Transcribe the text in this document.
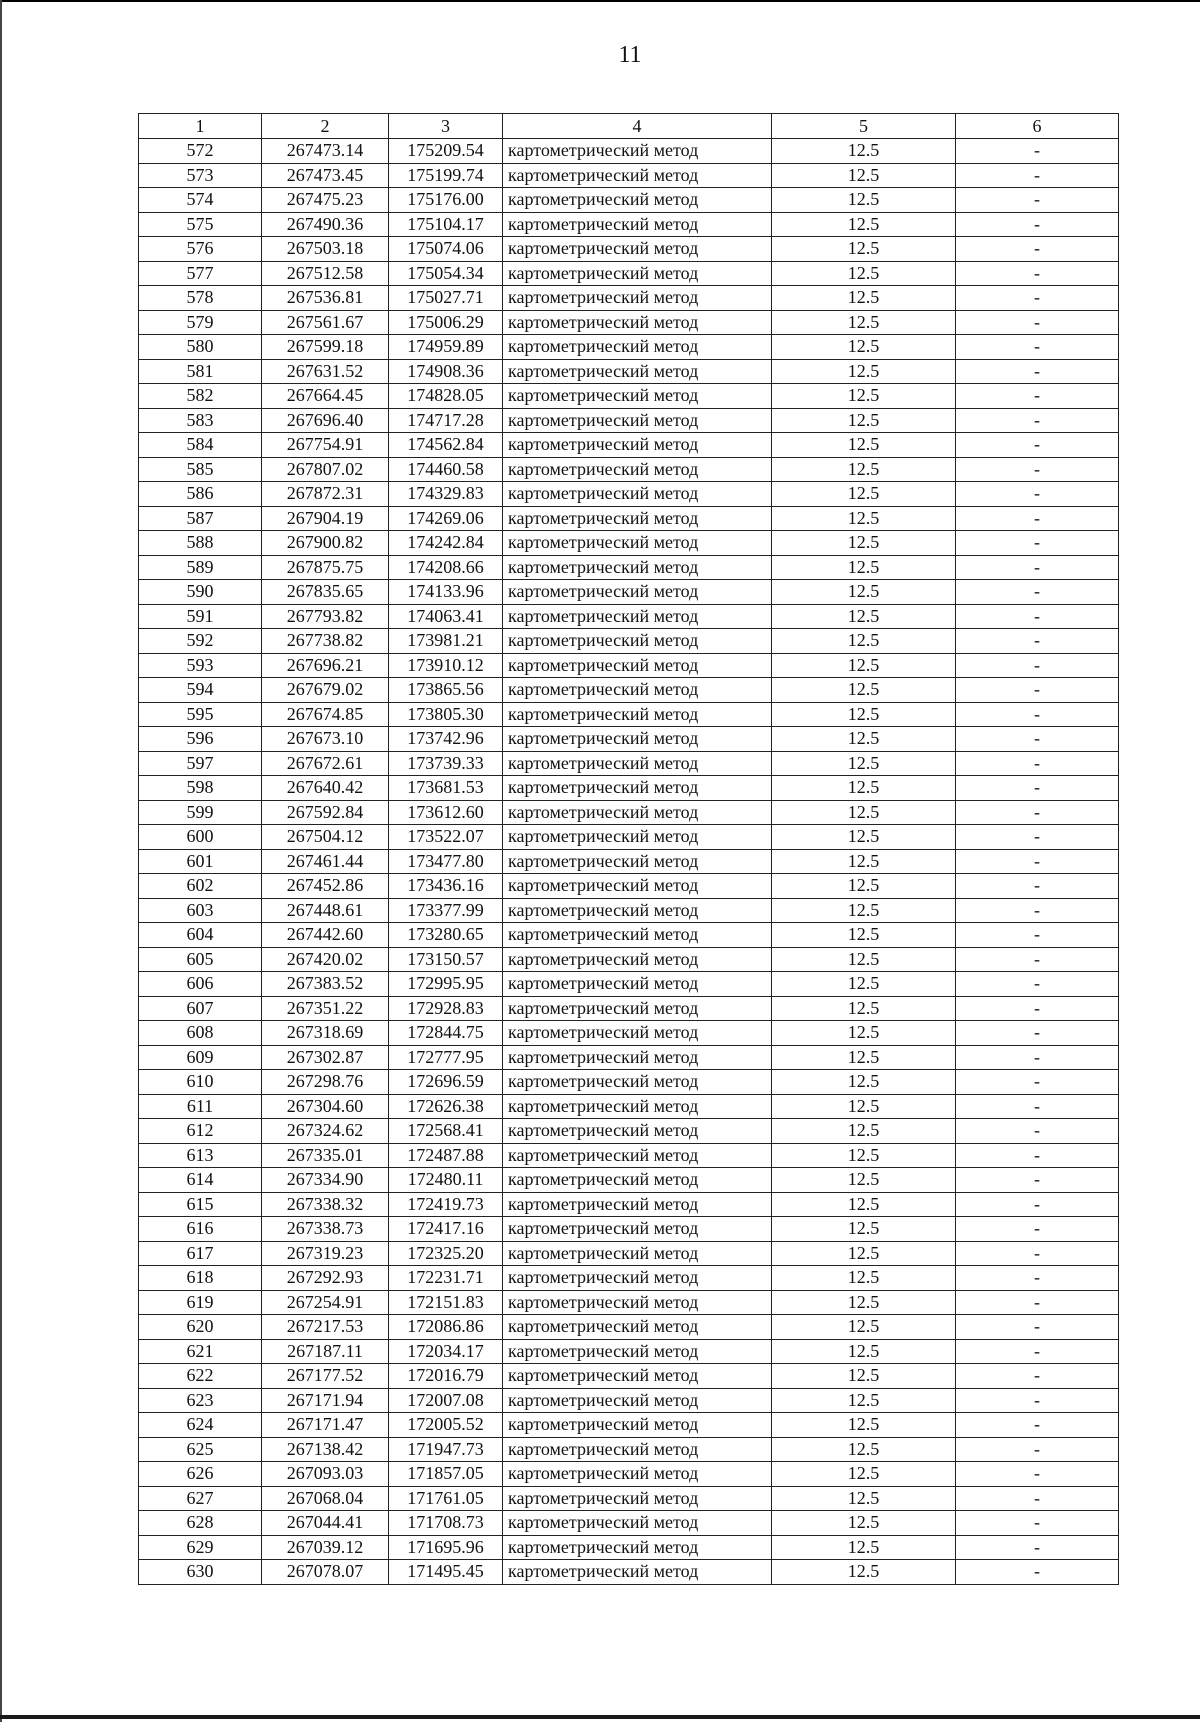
11
1	2	3	4	5	6
572	267473.14	175209.54	картометрический метод	12.5	-
573	267473.45	175199.74	картометрический метод	12.5	-
574	267475.23	175176.00	картометрический метод	12.5	-
575	267490.36	175104.17	картометрический метод	12.5	-
576	267503.18	175074.06	картометрический метод	12.5	-
577	267512.58	175054.34	картометрический метод	12.5	-
578	267536.81	175027.71	картометрический метод	12.5	-
579	267561.67	175006.29	картометрический метод	12.5	-
580	267599.18	174959.89	картометрический метод	12.5	-
581	267631.52	174908.36	картометрический метод	12.5	-
582	267664.45	174828.05	картометрический метод	12.5	-
583	267696.40	174717.28	картометрический метод	12.5	-
584	267754.91	174562.84	картометрический метод	12.5	-
585	267807.02	174460.58	картометрический метод	12.5	-
586	267872.31	174329.83	картометрический метод	12.5	-
587	267904.19	174269.06	картометрический метод	12.5	-
588	267900.82	174242.84	картометрический метод	12.5	-
589	267875.75	174208.66	картометрический метод	12.5	-
590	267835.65	174133.96	картометрический метод	12.5	-
591	267793.82	174063.41	картометрический метод	12.5	-
592	267738.82	173981.21	картометрический метод	12.5	-
593	267696.21	173910.12	картометрический метод	12.5	-
594	267679.02	173865.56	картометрический метод	12.5	-
595	267674.85	173805.30	картометрический метод	12.5	-
596	267673.10	173742.96	картометрический метод	12.5	-
597	267672.61	173739.33	картометрический метод	12.5	-
598	267640.42	173681.53	картометрический метод	12.5	-
599	267592.84	173612.60	картометрический метод	12.5	-
600	267504.12	173522.07	картометрический метод	12.5	-
601	267461.44	173477.80	картометрический метод	12.5	-
602	267452.86	173436.16	картометрический метод	12.5	-
603	267448.61	173377.99	картометрический метод	12.5	-
604	267442.60	173280.65	картометрический метод	12.5	-
605	267420.02	173150.57	картометрический метод	12.5	-
606	267383.52	172995.95	картометрический метод	12.5	-
607	267351.22	172928.83	картометрический метод	12.5	-
608	267318.69	172844.75	картометрический метод	12.5	-
609	267302.87	172777.95	картометрический метод	12.5	-
610	267298.76	172696.59	картометрический метод	12.5	-
611	267304.60	172626.38	картометрический метод	12.5	-
612	267324.62	172568.41	картометрический метод	12.5	-
613	267335.01	172487.88	картометрический метод	12.5	-
614	267334.90	172480.11	картометрический метод	12.5	-
615	267338.32	172419.73	картометрический метод	12.5	-
616	267338.73	172417.16	картометрический метод	12.5	-
617	267319.23	172325.20	картометрический метод	12.5	-
618	267292.93	172231.71	картометрический метод	12.5	-
619	267254.91	172151.83	картометрический метод	12.5	-
620	267217.53	172086.86	картометрический метод	12.5	-
621	267187.11	172034.17	картометрический метод	12.5	-
622	267177.52	172016.79	картометрический метод	12.5	-
623	267171.94	172007.08	картометрический метод	12.5	-
624	267171.47	172005.52	картометрический метод	12.5	-
625	267138.42	171947.73	картометрический метод	12.5	-
626	267093.03	171857.05	картометрический метод	12.5	-
627	267068.04	171761.05	картометрический метод	12.5	-
628	267044.41	171708.73	картометрический метод	12.5	-
629	267039.12	171695.96	картометрический метод	12.5	-
630	267078.07	171495.45	картометрический метод	12.5	-
